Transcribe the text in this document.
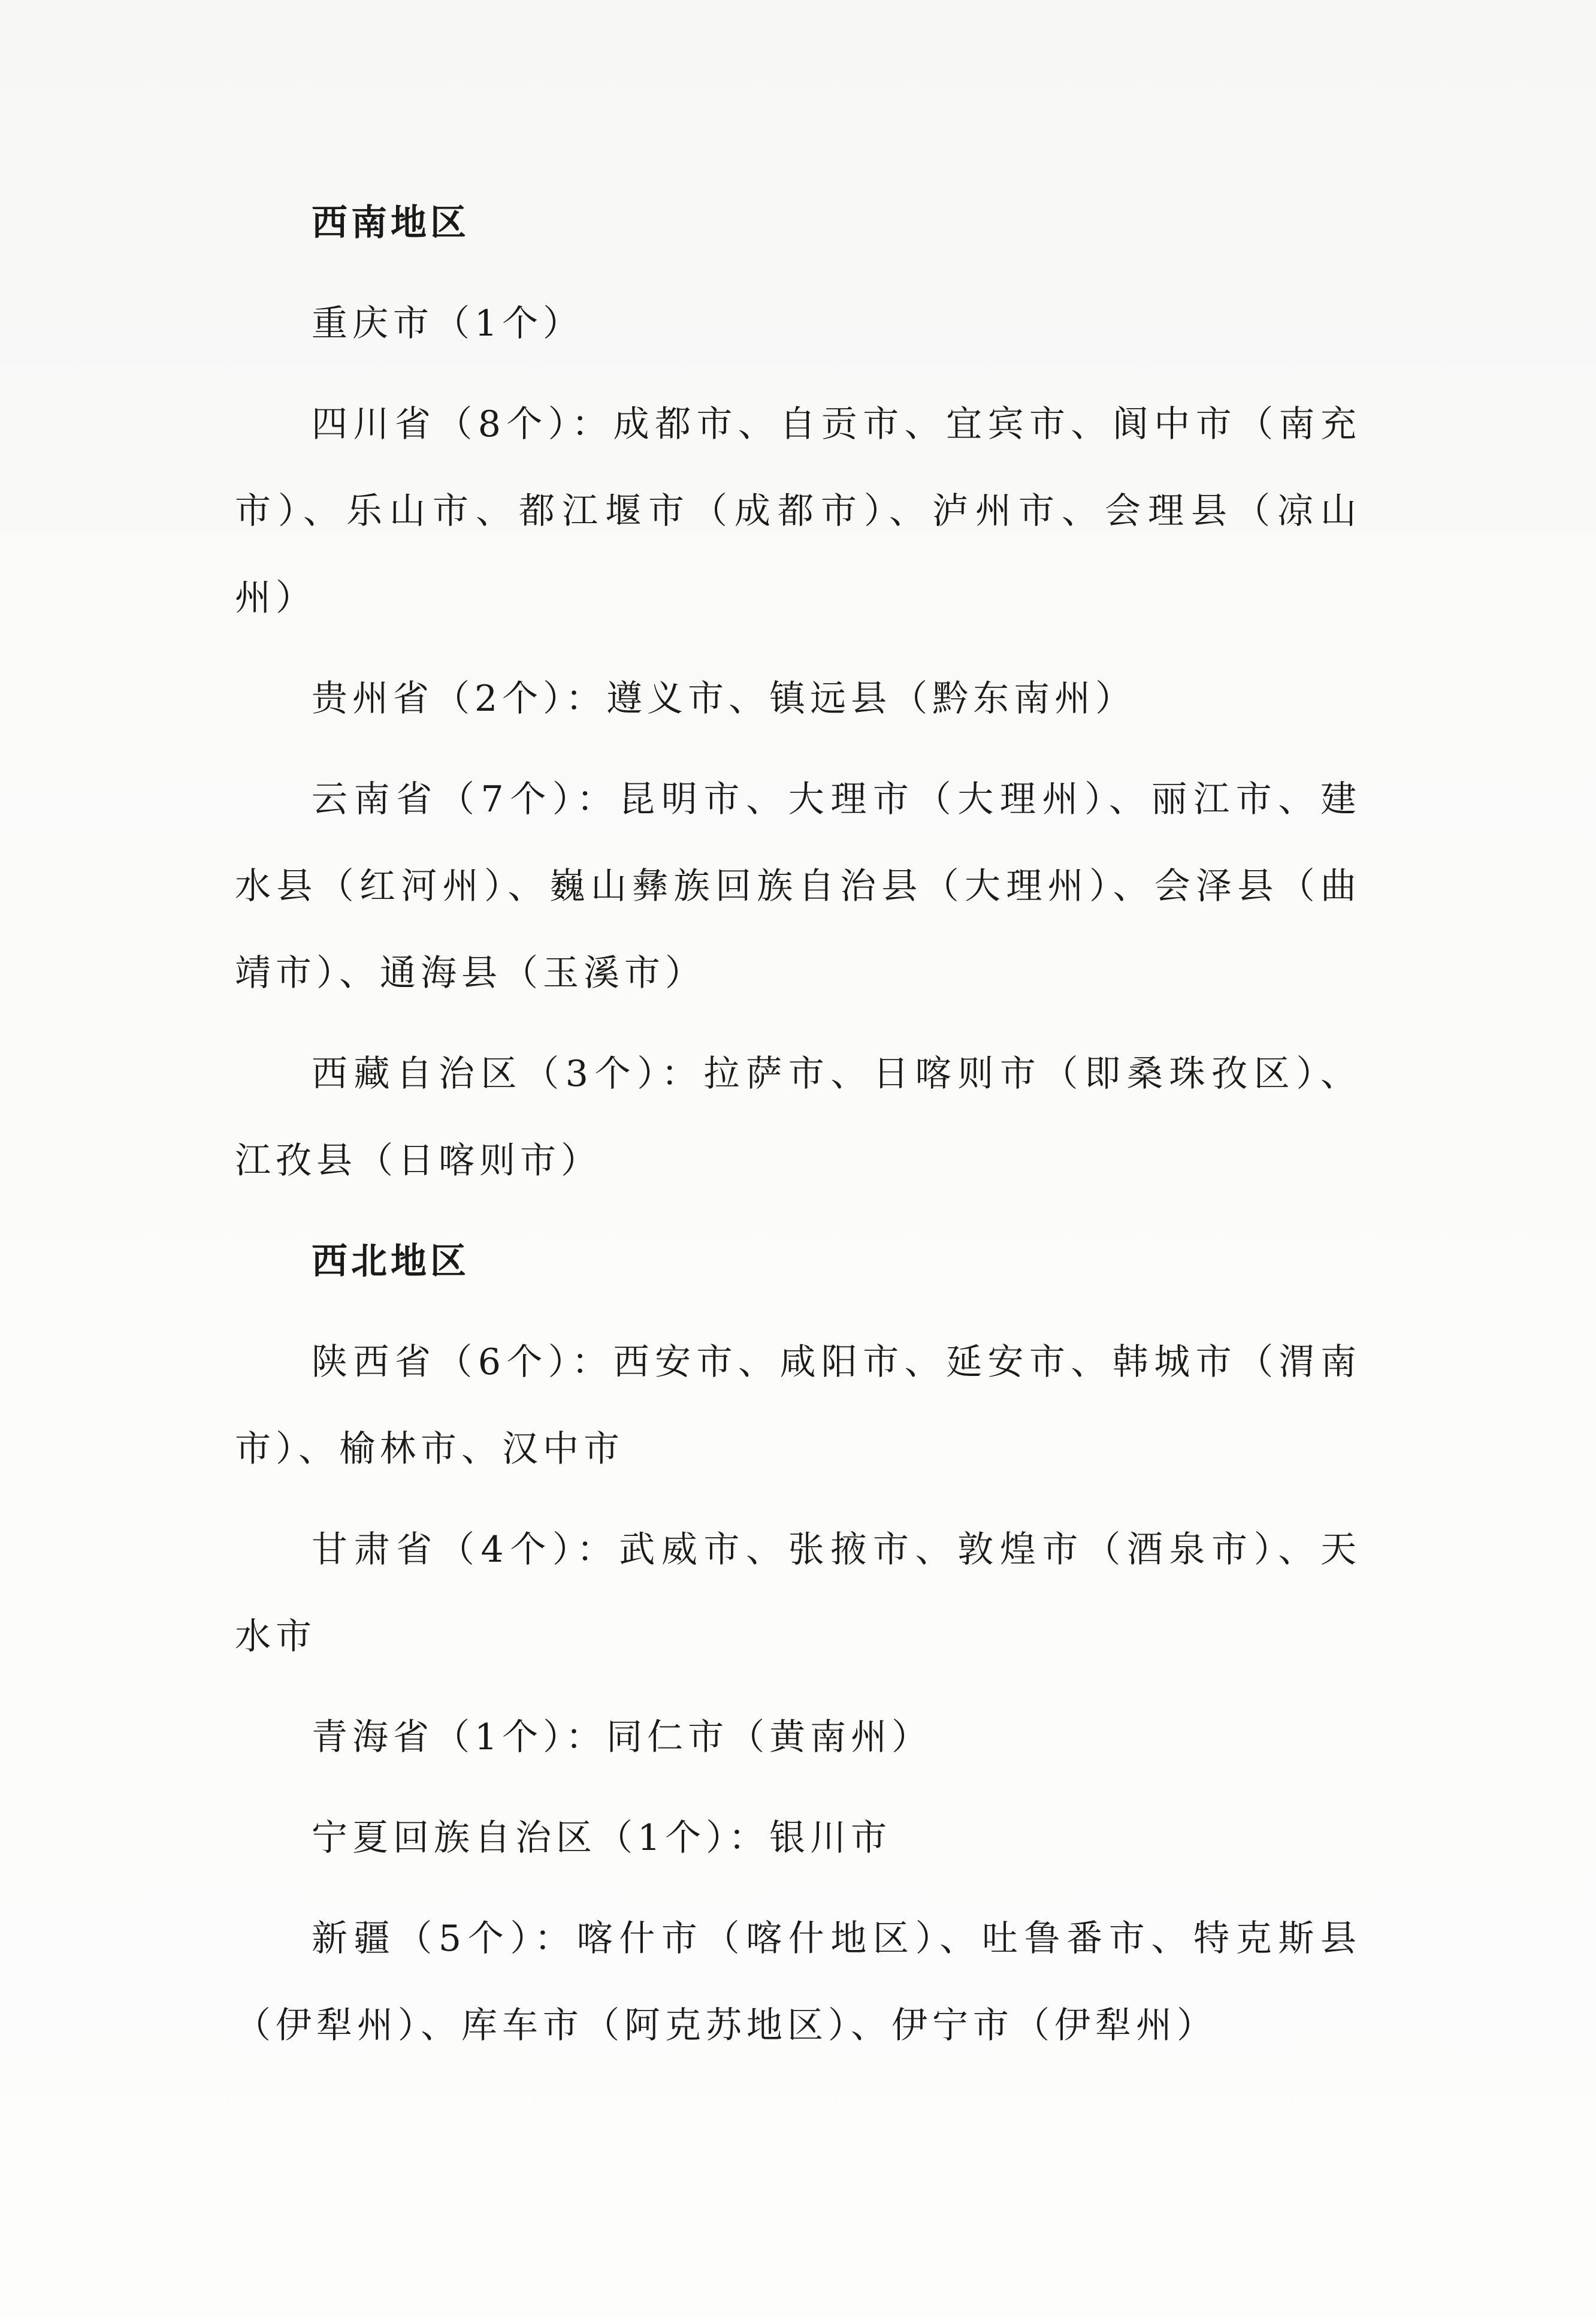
西南地区

重庆市（1个）

四川省（8个）：成都市、自贡市、宜宾市、阆中市（南充市）、乐山市、都江堰市（成都市）、泸州市、会理县（凉山州）

贵州省（2个）：遵义市、镇远县（黔东南州）

云南省（7个）：昆明市、大理市（大理州）、丽江市、建水县（红河州）、巍山彝族回族自治县（大理州）、会泽县（曲靖市）、通海县（玉溪市）

西藏自治区（3个）：拉萨市、日喀则市（即桑珠孜区）、江孜县（日喀则市）

西北地区

陕西省（6个）：西安市、咸阳市、延安市、韩城市（渭南市）、榆林市、汉中市

甘肃省（4个）：武威市、张掖市、敦煌市（酒泉市）、天水市

青海省（1个）：同仁市（黄南州）

宁夏回族自治区（1个）：银川市

新疆（5个）：喀什市（喀什地区）、吐鲁番市、特克斯县（伊犁州）、库车市（阿克苏地区）、伊宁市（伊犁州）
